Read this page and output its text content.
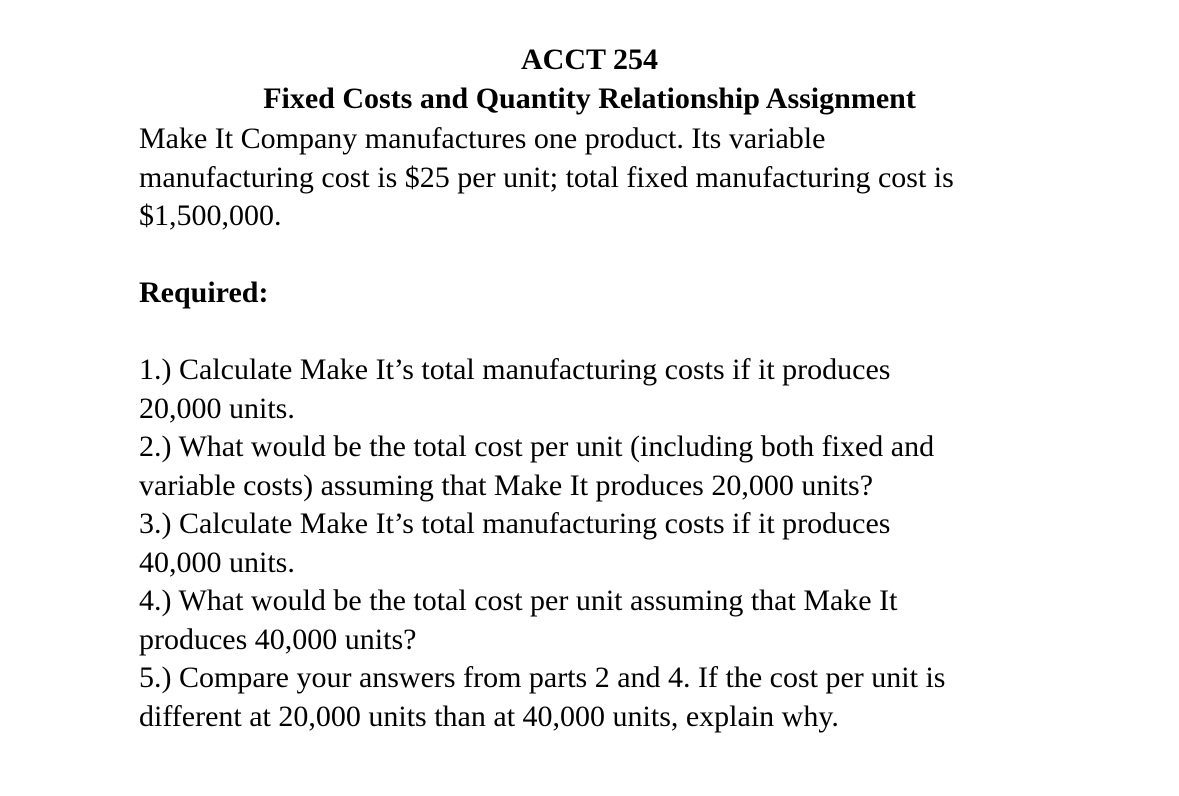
ACCT 254
Fixed Costs and Quantity Relationship Assignment
Make It Company manufactures one product. Its variable
manufacturing cost is $25 per unit; total fixed manufacturing cost is
$1,500,000.
Required:
1.) Calculate Make It’s total manufacturing costs if it produces
20,000 units.
2.) What would be the total cost per unit (including both fixed and
variable costs) assuming that Make It produces 20,000 units?
3.) Calculate Make It’s total manufacturing costs if it produces
40,000 units.
4.) What would be the total cost per unit assuming that Make It
produces 40,000 units?
5.) Compare your answers from parts 2 and 4. If the cost per unit is
different at 20,000 units than at 40,000 units, explain why.
